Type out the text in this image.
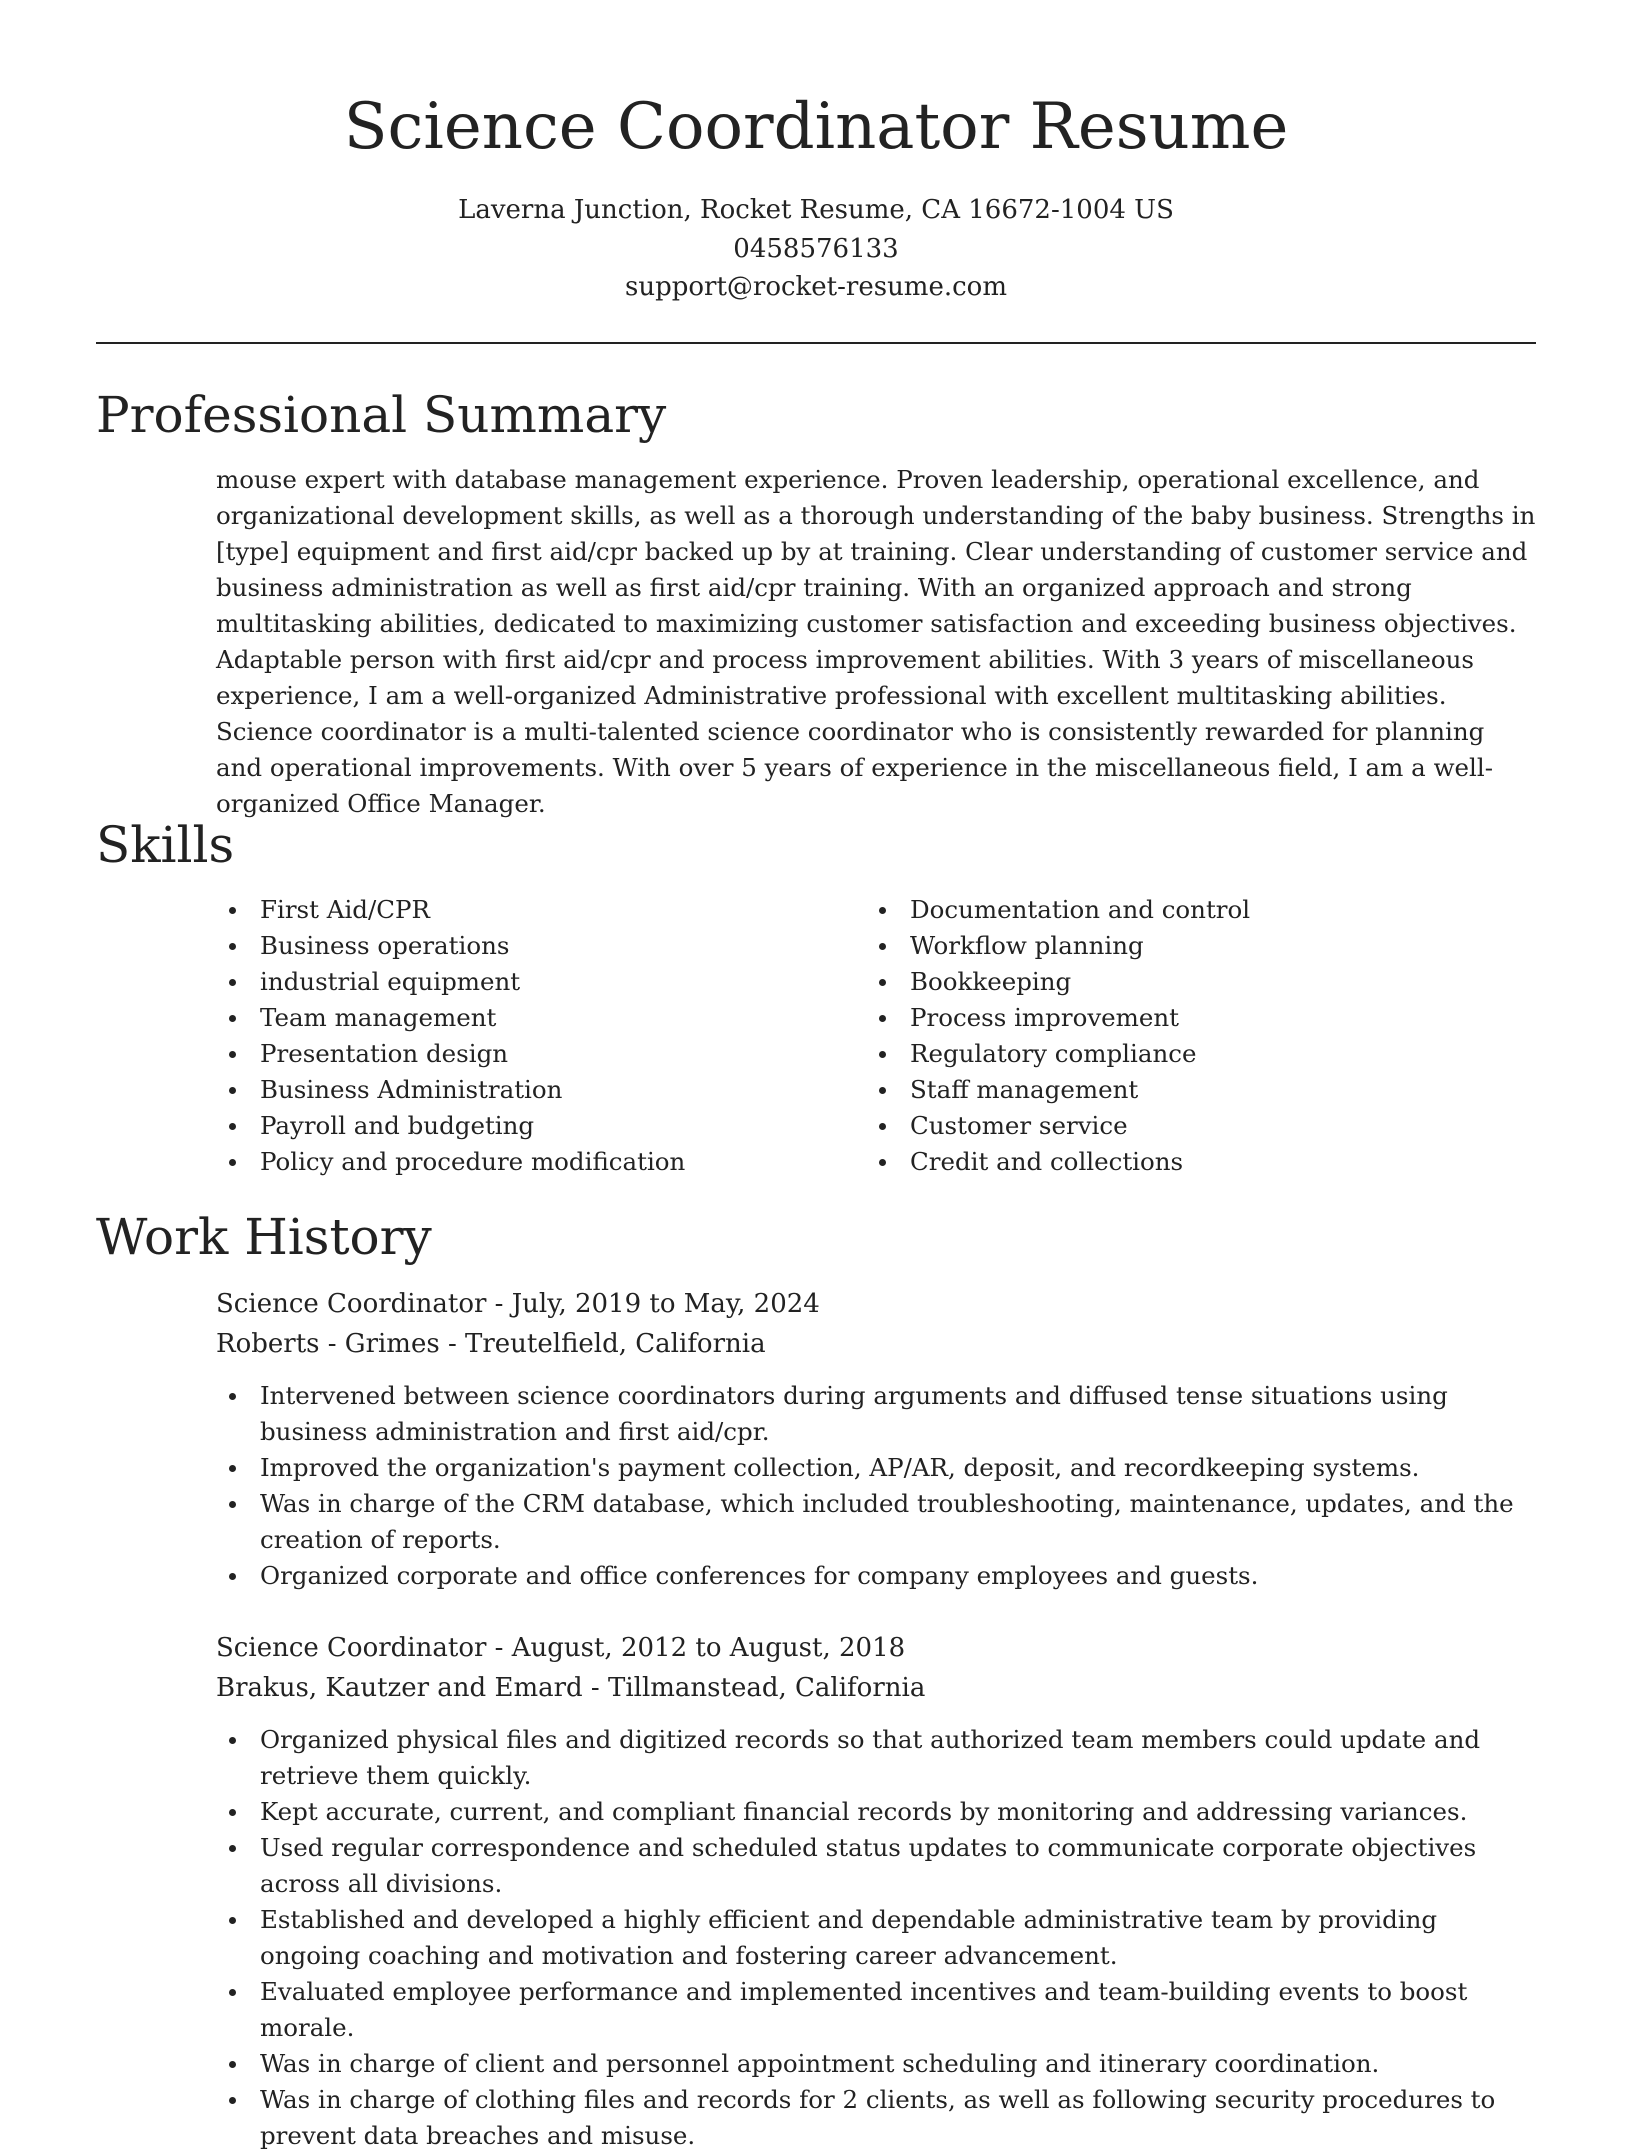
Science Coordinator Resume
Laverna Junction, Rocket Resume, CA 16672-1004 US
0458576133
support@rocket-resume.com
Professional Summary

mouse expert with database management experience. Proven leadership, operational excellence, and organizational development skills, as well as a thorough understanding of the baby business. Strengths in [type] equipment and first aid/cpr backed up by at training. Clear understanding of customer service and business administration as well as first aid/cpr training. With an organized approach and strong multitasking abilities, dedicated to maximizing customer satisfaction and exceeding business objectives. Adaptable person with first aid/cpr and process improvement abilities. With 3 years of miscellaneous experience, I am a well-organized Administrative professional with excellent multitasking abilities. Science coordinator is a multi-talented science coordinator who is consistently rewarded for planning and operational improvements. With over 5 years of experience in the miscellaneous field, I am a well-organized Office Manager.

Skills
First Aid/CPR
Business operations
industrial equipment
Team management
Presentation design
Business Administration
Payroll and budgeting
Policy and procedure modification
Documentation and control
Workflow planning
Bookkeeping
Process improvement
Regulatory compliance
Staff management
Customer service
Credit and collections
Work History
Science Coordinator - July, 2019 to May, 2024
Roberts - Grimes - Treutelfield, California
Intervened between science coordinators during arguments and diffused tense situations using business administration and first aid/cpr.
Improved the organization's payment collection, AP/AR, deposit, and recordkeeping systems.
Was in charge of the CRM database, which included troubleshooting, maintenance, updates, and the creation of reports.
Organized corporate and office conferences for company employees and guests.
Science Coordinator - August, 2012 to August, 2018
Brakus, Kautzer and Emard - Tillmanstead, California
Organized physical files and digitized records so that authorized team members could update and retrieve them quickly.
Kept accurate, current, and compliant financial records by monitoring and addressing variances.
Used regular correspondence and scheduled status updates to communicate corporate objectives across all divisions.
Established and developed a highly efficient and dependable administrative team by providing ongoing coaching and motivation and fostering career advancement.
Evaluated employee performance and implemented incentives and team-building events to boost morale.
Was in charge of client and personnel appointment scheduling and itinerary coordination.
Was in charge of clothing files and records for 2 clients, as well as following security procedures to prevent data breaches and misuse.
